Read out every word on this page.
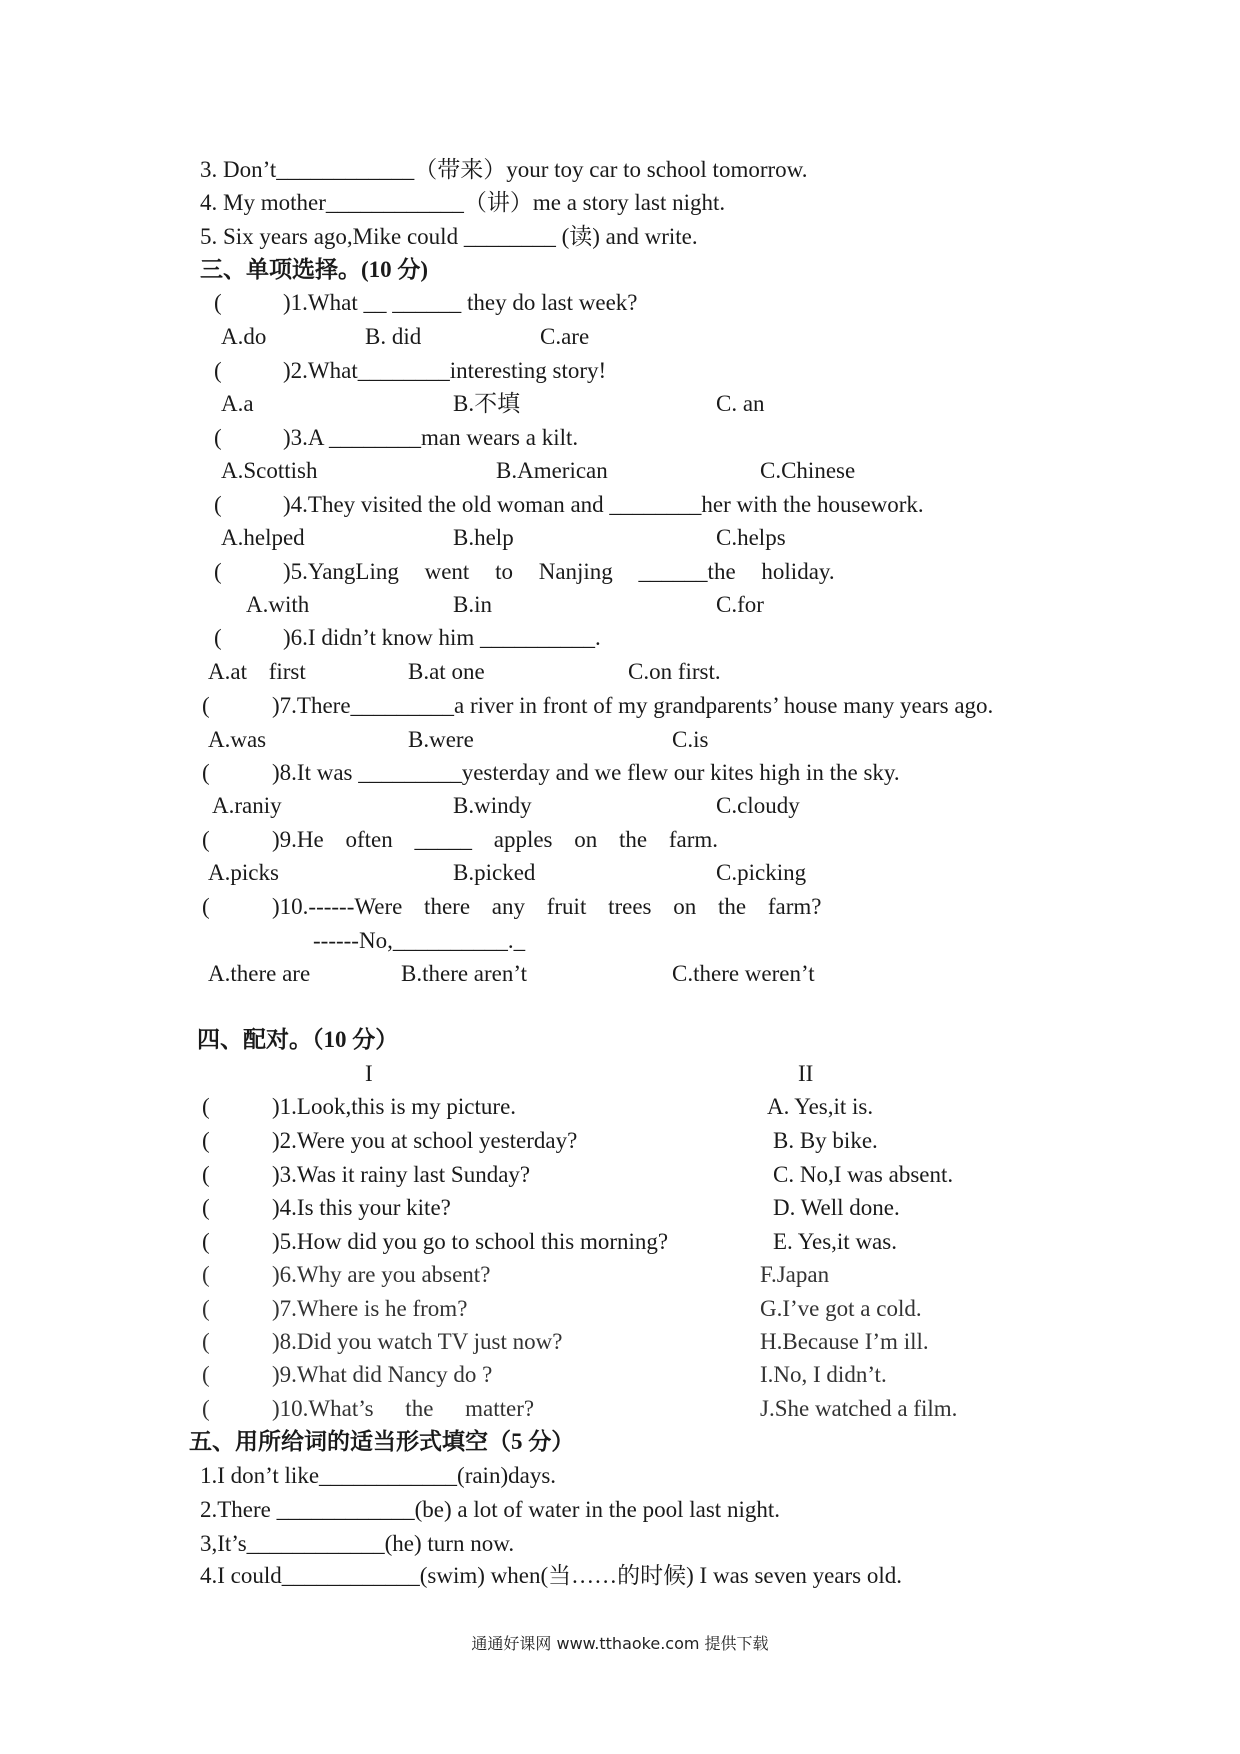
3. Don’t____________（带来）your toy car to school tomorrow.
4. My mother____________（讲）me a story last night.
5. Six years ago,Mike could ________ (读) and write.
三、单项选择。(10 分)
(	)1.What __ ______ they do last week?
A.do	B. did	C.are
(	)2.What________interesting story!
A.a	B.不填	C. an
(	)3.A ________man wears a kilt.
A.Scottish	B.American	C.Chinese
(	)4.They visited the old woman and ________her with the housework.
A.helped	B.help	C.helps
(	)5.YangLing went to Nanjing ______the holiday.
A.with	B.in	C.for
(	)6.I didn’t know him __________.
A.at first	B.at one	C.on first.
(	)7.There_________a river in front of my grandparents’ house many years ago.
A.was	B.were	C.is
(	)8.It was _________yesterday and we flew our kites high in the sky.
A.raniy	B.windy	C.cloudy
(	)9.He often _____ apples on the farm.
A.picks	B.picked	C.picking
(	)10.------Were there any fruit trees on the farm?
------No,__________._
A.there are	B.there aren’t	C.there weren’t
四、配对。（10 分）
I	II
(	)1.Look,this is my picture.	A. Yes,it is.
(	)2.Were you at school yesterday?	B. By bike.
(	)3.Was it rainy last Sunday?	C. No,I was absent.
(	)4.Is this your kite?	D. Well done.
(	)5.How did you go to school this morning?	E. Yes,it was.
(	)6.Why are you absent?	F.Japan
(	)7.Where is he from?	G.I’ve got a cold.
(	)8.Did you watch TV just now?	H.Because I’m ill.
(	)9.What did Nancy do ?	I.No, I didn’t.
(	)10.What’s the matter?	J.She watched a film.
五、用所给词的适当形式填空（5 分）
1.I don’t like____________(rain)days.
2.There ____________(be) a lot of water in the pool last night.
3,It’s____________(he) turn now.
4.I could____________(swim) when(当……的时候) I was seven years old.
通通好课网 www.tthaoke.com 提供下载
